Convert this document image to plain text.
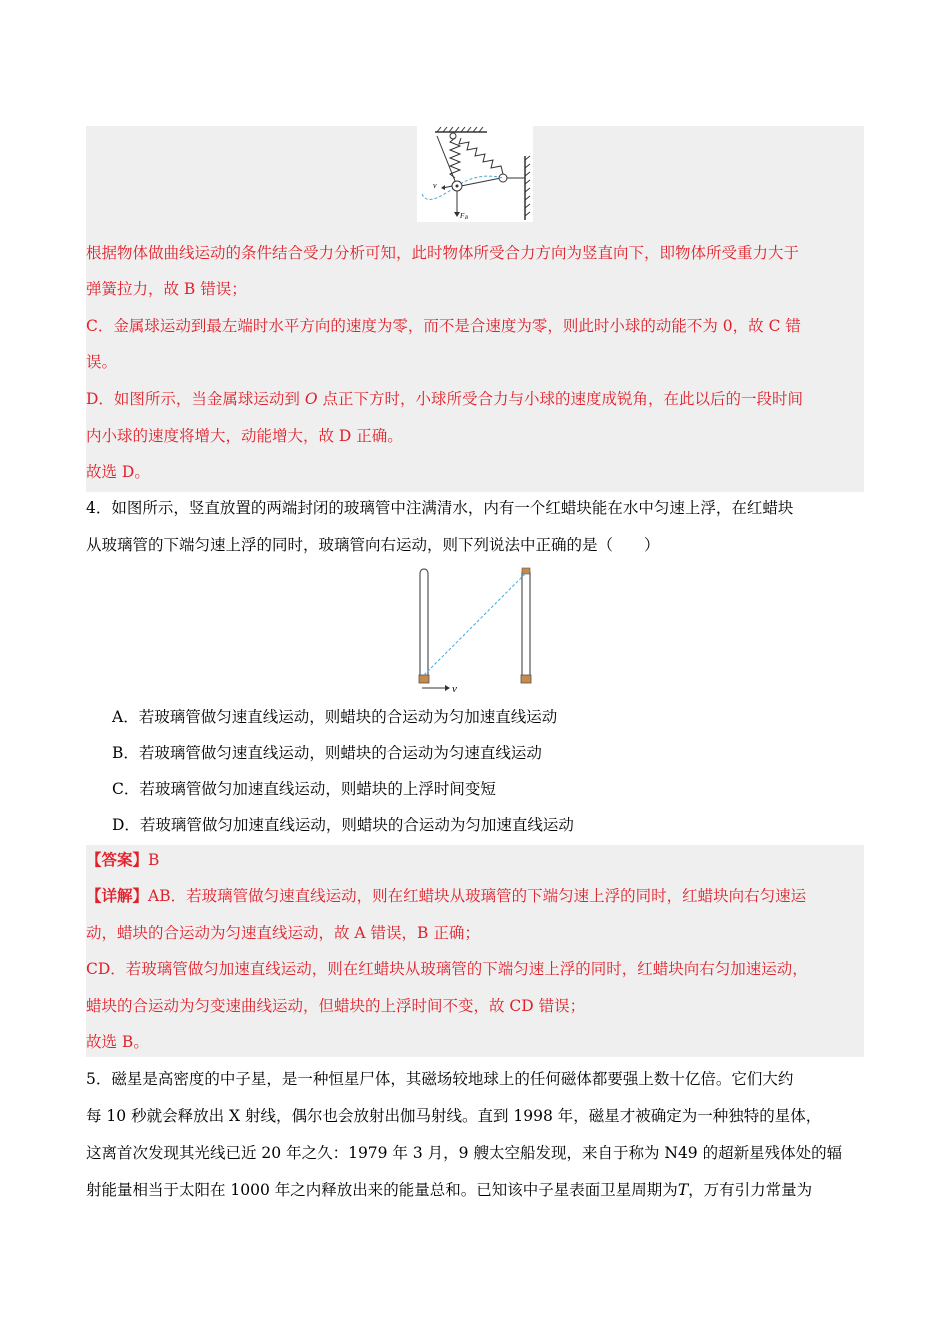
v
F B
根据物体做曲线运动的条件结合受力分析可知，此时物体所受合力方向为竖直向下，即物体所受重力大于
弹簧拉力，故 B 错误；
C．金属球运动到最左端时水平方向的速度为零，而不是合速度为零，则此时小球的动能不为 0，故 C 错
误。
D．如图所示，当金属球运动到 O 点正下方时，小球所受合力与小球的速度成锐角，在此以后的一段时间
内小球的速度将增大，动能增大，故 D 正确。
故选 D。
4．如图所示，竖直放置的两端封闭的玻璃管中注满清水，内有一个红蜡块能在水中匀速上浮，在红蜡块
从玻璃管的下端匀速上浮的同时，玻璃管向右运动，则下列说法中正确的是（　　）
v
A．若玻璃管做匀速直线运动，则蜡块的合运动为匀加速直线运动
B．若玻璃管做匀速直线运动，则蜡块的合运动为匀速直线运动
C．若玻璃管做匀加速直线运动，则蜡块的上浮时间变短
D．若玻璃管做匀加速直线运动，则蜡块的合运动为匀加速直线运动
【答案】B
【详解】AB．若玻璃管做匀速直线运动，则在红蜡块从玻璃管的下端匀速上浮的同时，红蜡块向右匀速运
动，蜡块的合运动为匀速直线运动，故 A 错误，B 正确；
CD．若玻璃管做匀加速直线运动，则在红蜡块从玻璃管的下端匀速上浮的同时，红蜡块向右匀加速运动，
蜡块的合运动为匀变速曲线运动，但蜡块的上浮时间不变，故 CD 错误；
故选 B。
5．磁星是高密度的中子星，是一种恒星尸体，其磁场较地球上的任何磁体都要强上数十亿倍。它们大约
每 10 秒就会释放出 X 射线，偶尔也会放射出伽马射线。直到 1998 年，磁星才被确定为一种独特的星体，
这离首次发现其光线已近 20 年之久：1979 年 3 月，9 艘太空船发现，来自于称为 N49 的超新星残体处的辐
射能量相当于太阳在 1000 年之内释放出来的能量总和。已知该中子星表面卫星周期为T，万有引力常量为
